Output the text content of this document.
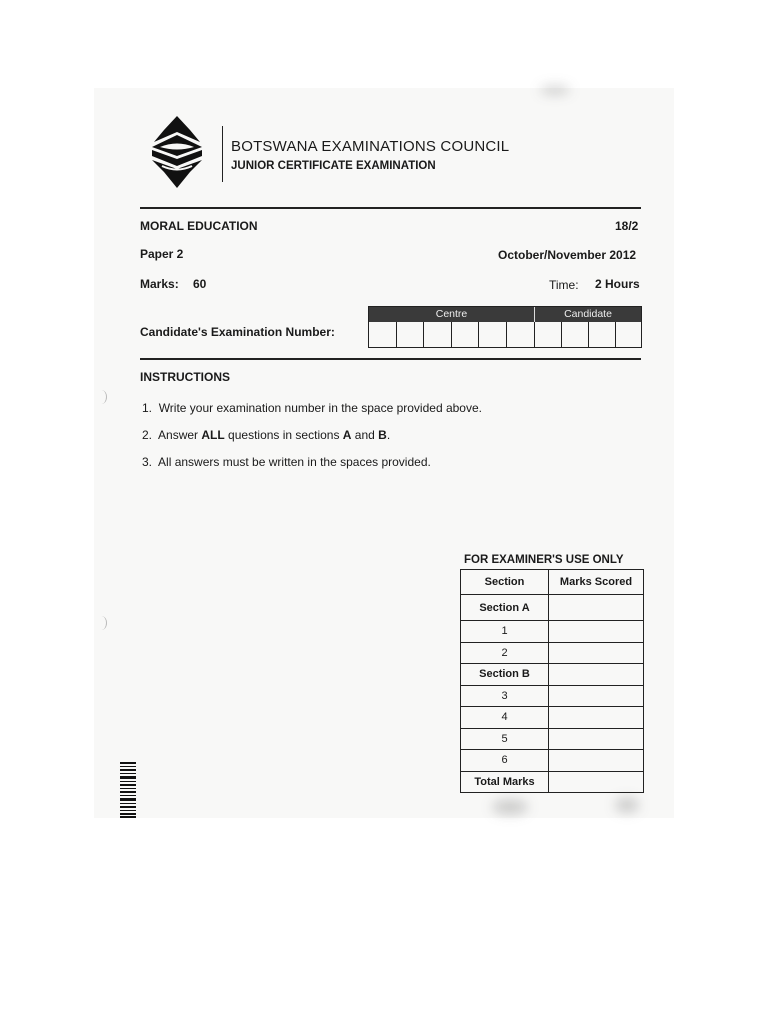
BOTSWANA EXAMINATIONS COUNCIL
JUNIOR CERTIFICATE EXAMINATION
MORAL EDUCATION	18/2
Paper 2	October/November 2012
Marks: 60	Time: 2 Hours
Candidate's Examination Number:
Centre	Candidate
INSTRUCTIONS
1. Write your examination number in the space provided above.
2. Answer ALL questions in sections A and B.
3. All answers must be written in the spaces provided.
FOR EXAMINER'S USE ONLY
Section	Marks Scored
Section A	
1	
2	
Section B	
3	
4	
5	
6	
Total Marks	
